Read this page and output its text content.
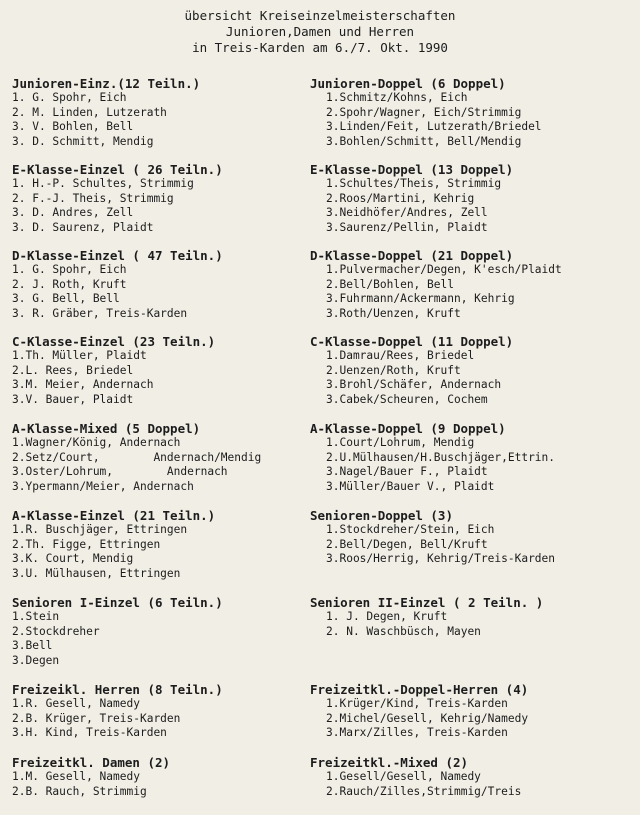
übersicht Kreiseinzelmeisterschaften
Junioren,Damen und Herren
in Treis-Karden am 6./7. Okt. 1990
Junioren-Einz.(12 Teiln.)
1. G. Spohr, Eich
2. M. Linden, Lutzerath
3. V. Bohlen, Bell
3. D. Schmitt, Mendig
E-Klasse-Einzel ( 26 Teiln.)
1. H.-P. Schultes, Strimmig
2. F.-J. Theis, Strimmig
3. D. Andres, Zell
3. D. Saurenz, Plaidt
D-Klasse-Einzel ( 47 Teiln.)
1. G. Spohr, Eich
2. J. Roth, Kruft
3. G. Bell, Bell
3. R. Gräber, Treis-Karden
C-Klasse-Einzel (23 Teiln.)
1.Th. Müller, Plaidt
2.L. Rees, Briedel
3.M. Meier, Andernach
3.V. Bauer, Plaidt
A-Klasse-Mixed (5 Doppel)
1.Wagner/König, Andernach
2.Setz/Court,        Andernach/Mendig
3.Oster/Lohrum,        Andernach
3.Ypermann/Meier, Andernach
A-Klasse-Einzel (21 Teiln.)
1.R. Buschjäger, Ettringen
2.Th. Figge, Ettringen
3.K. Court, Mendig
3.U. Mülhausen, Ettringen
Senioren I-Einzel (6 Teiln.)
1.Stein
2.Stockdreher
3.Bell
3.Degen
Freizeikl. Herren (8 Teiln.)
1.R. Gesell, Namedy
2.B. Krüger, Treis-Karden
3.H. Kind, Treis-Karden
Freizeitkl. Damen (2)
1.M. Gesell, Namedy
2.B. Rauch, Strimmig
Junioren-Doppel (6 Doppel)
1.Schmitz/Kohns, Eich
2.Spohr/Wagner, Eich/Strimmig
3.Linden/Feit, Lutzerath/Briedel
3.Bohlen/Schmitt, Bell/Mendig
E-Klasse-Doppel (13 Doppel)
1.Schultes/Theis, Strimmig
2.Roos/Martini, Kehrig
3.Neidhöfer/Andres, Zell
3.Saurenz/Pellin, Plaidt
D-Klasse-Doppel (21 Doppel)
1.Pulvermacher/Degen, K'esch/Plaidt
2.Bell/Bohlen, Bell
3.Fuhrmann/Ackermann, Kehrig
3.Roth/Uenzen, Kruft
C-Klasse-Doppel (11 Doppel)
1.Damrau/Rees, Briedel
2.Uenzen/Roth, Kruft
3.Brohl/Schäfer, Andernach
3.Cabek/Scheuren, Cochem
A-Klasse-Doppel (9 Doppel)
1.Court/Lohrum, Mendig
2.U.Mülhausen/H.Buschjäger,Ettrin.
3.Nagel/Bauer F., Plaidt
3.Müller/Bauer V., Plaidt
Senioren-Doppel (3)
1.Stockdreher/Stein, Eich
2.Bell/Degen, Bell/Kruft
3.Roos/Herrig, Kehrig/Treis-Karden
Senioren II-Einzel ( 2 Teiln. )
1. J. Degen, Kruft
2. N. Waschbüsch, Mayen
Freizeitkl.-Doppel-Herren (4)
1.Krüger/Kind, Treis-Karden
2.Michel/Gesell, Kehrig/Namedy
3.Marx/Zilles, Treis-Karden
Freizeitkl.-Mixed (2)
1.Gesell/Gesell, Namedy
2.Rauch/Zilles,Strimmig/Treis
